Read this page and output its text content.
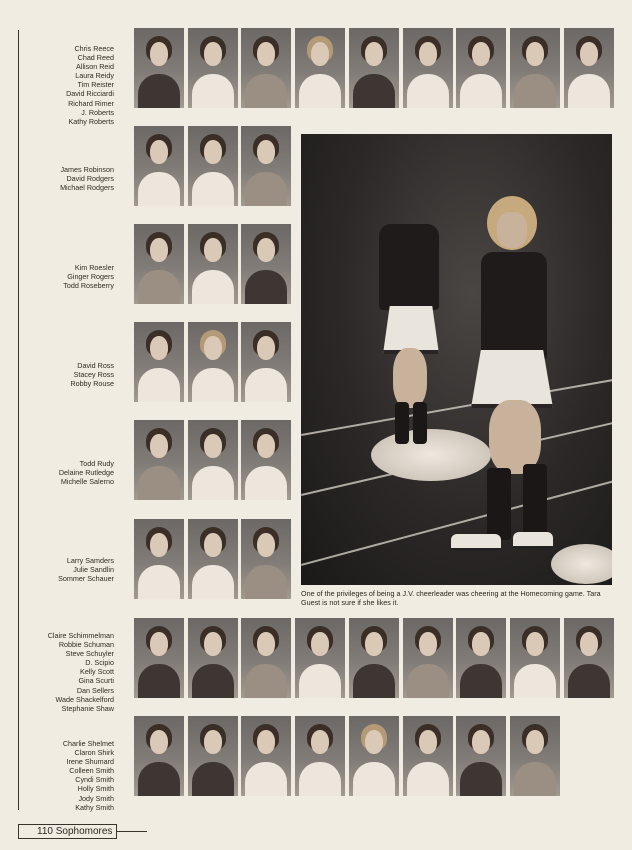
Chris Reece
Chad Reed
Allison Reid
Laura Reidy
Tim Reister
David Ricciardi
Richard Rimer
J. Roberts
Kathy Roberts
James Robinson
David Rodgers
Michael Rodgers
Kim Roesler
Ginger Rogers
Todd Roseberry
David Ross
Stacey Ross
Robby Rouse
Todd Rudy
Delaine Rutledge
Michelle Salerno
Larry Samders
Julie Sandlin
Sommer Schauer
Claire Schimmelman
Robbie Schuman
Steve Schuyler
D. Scipio
Kelly Scott
Gina Scurti
Dan Sellers
Wade Shackelford
Stephanie Shaw
Charlie Shelmet
Claron Shirk
Irene Shumard
Colleen Smith
Cyndi Smith
Holly Smith
Jody Smith
Kathy Smith
One of the privileges of being a J.V. cheerleader was cheering at the Homecoming game. Tara Guest is not sure if she likes it.
110 Sophomores
